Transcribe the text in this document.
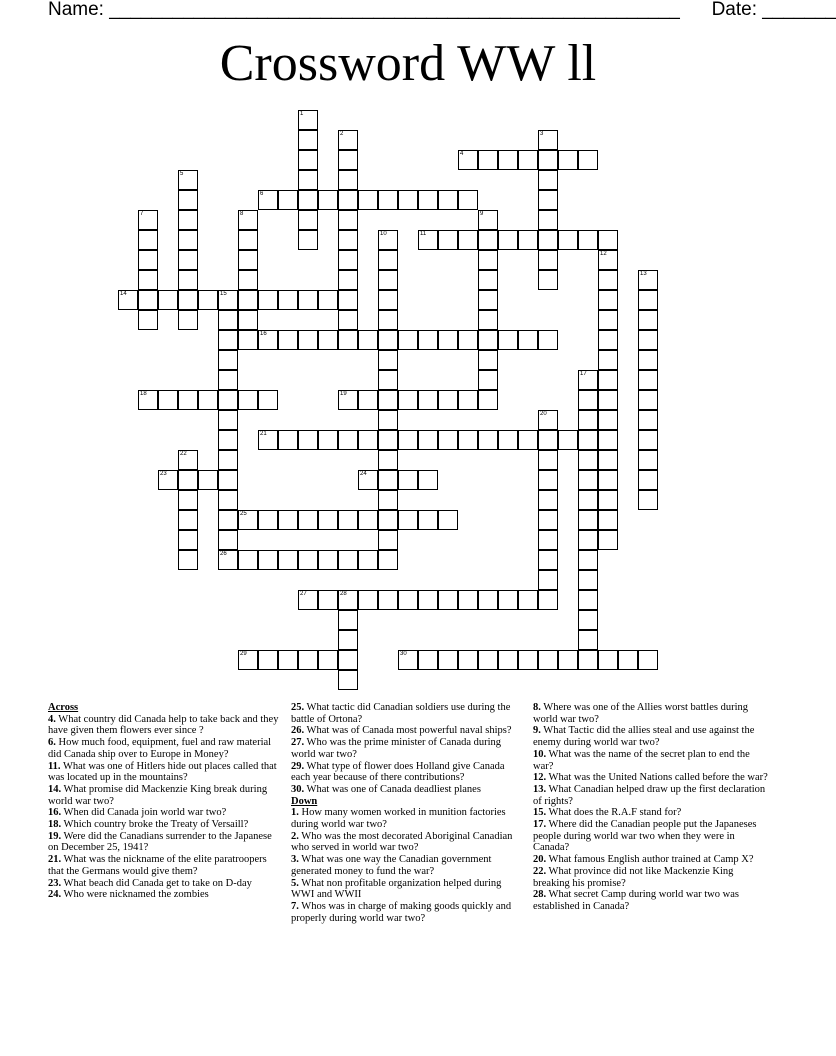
Name: ______________________________________________________ Date: _______
Crossword WW ll
1
2	3
4
5
6
7	8	9
10	11
12
13
14	15
16
17
18	19
20
21
22
23	24
25
26
27	28
29	30
Across
4. What country did Canada help to take back and they have given them flowers ever since ?
6. How much food, equipment, fuel and raw material did Canada ship over to Europe in Money?
11. What was one of Hitlers hide out places called that was located up in the mountains?
14. What promise did Mackenzie King break during world war two?
16. When did Canada join world war two?
18. Which country broke the Treaty of Versaill?
19. Were did the Canadians surrender to the Japanese on December 25, 1941?
21. What was the nickname of the elite paratroopers that the Germans would give them?
23. What beach did Canada get to take on D-day
24. Who were nicknamed the zombies
25. What tactic did Canadian soldiers use during the battle of Ortona?
26. What was of Canada most powerful naval ships?
27. Who was the prime minister of Canada during world war two?
29. What type of flower does Holland give Canada each year because of there contributions?
30. What was one of Canada deadliest planes
Down
1. How many women worked in munition factories during world war two?
2. Who was the most decorated Aboriginal Canadian who served in world war two?
3. What was one way the Canadian government generated money to fund the war?
5. What non profitable organization helped during WWI and WWII
7. Whos was in charge of making goods quickly and properly during world war two?
8. Where was one of the Allies worst battles during world war two?
9. What Tactic did the allies steal and use against the enemy during world war two?
10. What was the name of the secret plan to end the war?
12. What was the United Nations called before the war?
13. What Canadian helped draw up the first declaration of rights?
15. What does the R.A.F stand for?
17. Where did the Canadian people put the Japaneses people during world war two when they were in Canada?
20. What famous English author trained at Camp X?
22. What province did not like Mackenzie King breaking his promise?
28. What secret Camp during world war two was established in Canada?
